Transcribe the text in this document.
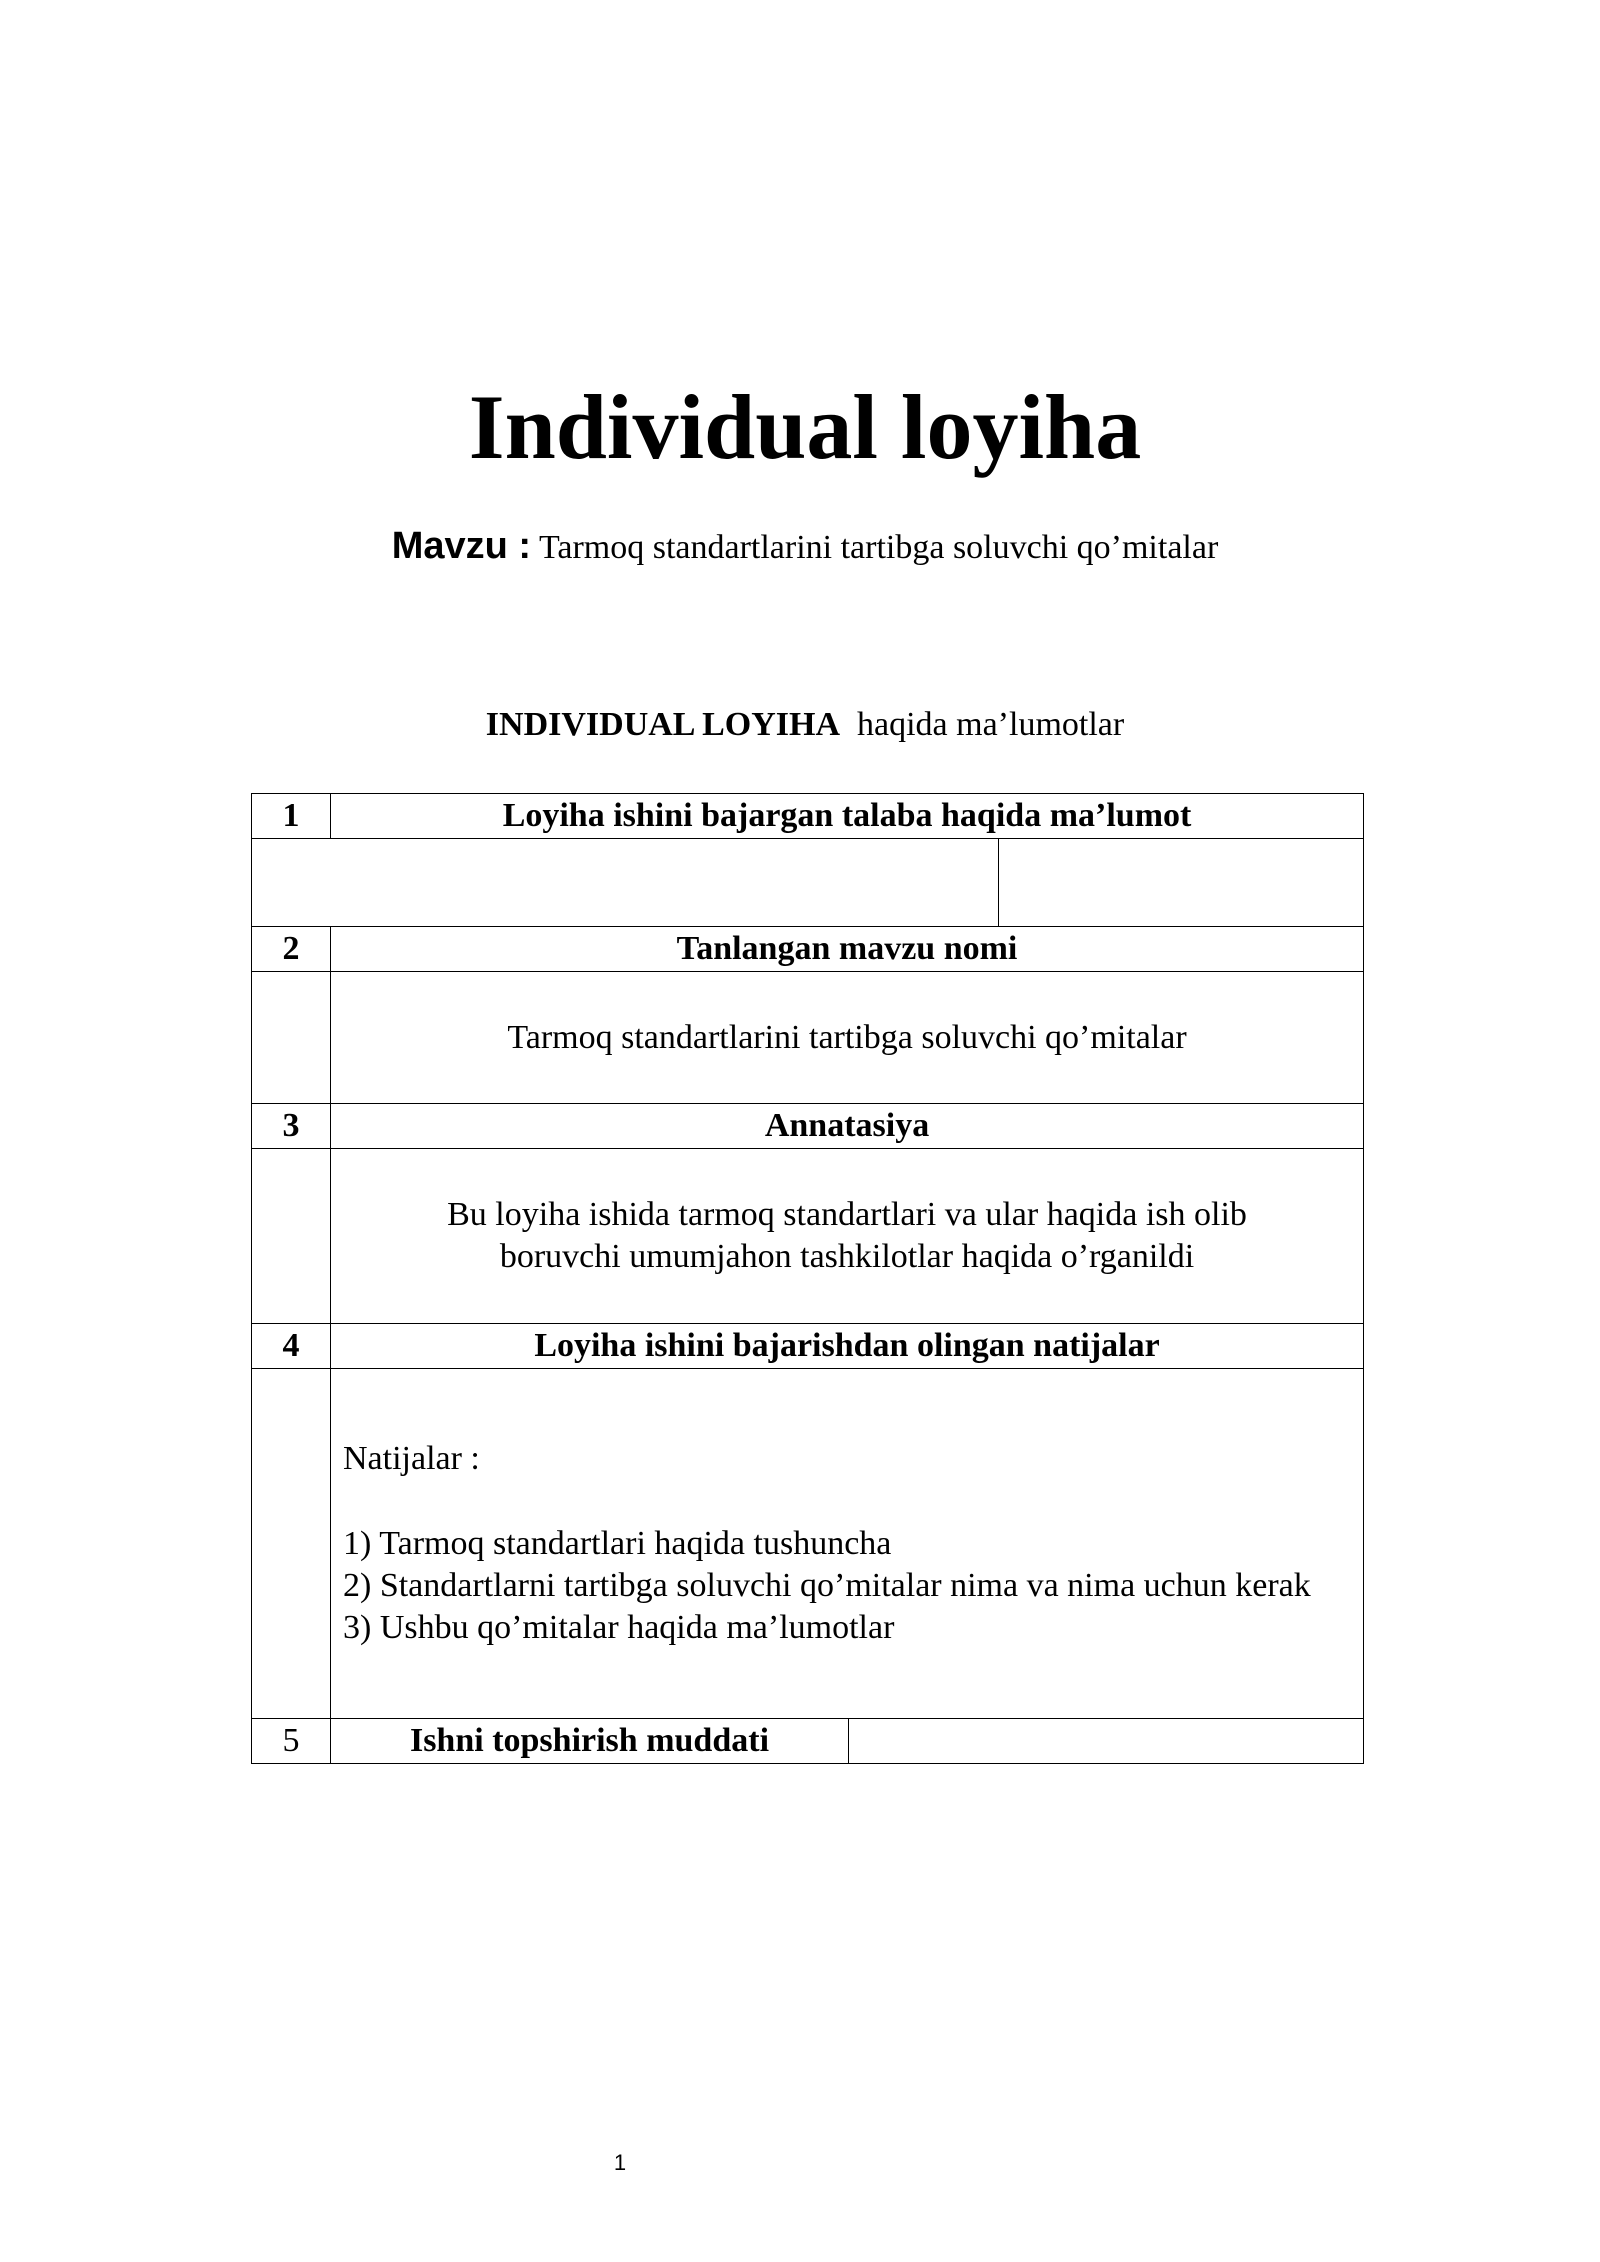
Individual loyiha
Mavzu : Tarmoq standartlarini tartibga soluvchi qo’mitalar
INDIVIDUAL LOYIHA haqida ma’lumotlar
1	Loyiha ishini bajargan talaba haqida ma’lumot		

2	Tanlangan mavzu nomi		
	Tarmoq standartlarini tartibga soluvchi qo’mitalar		
3	Annatasiya		

	Bu loyiha ishida tarmoq standartlari va ular haqida ish olib
boruvchi umumjahon tashkilotlar haqida o’rganildi		

4	Loyiha ishini bajarishdan olingan natijalar		

	Natijalar :
1) Tarmoq standartlari haqida tushuncha
2) Standartlarni tartibga soluvchi qo’mitalar nima va nima uchun kerak
3) Ushbu qo’mitalar haqida ma’lumotlar		

5	Ishni topshirish muddati		
1
